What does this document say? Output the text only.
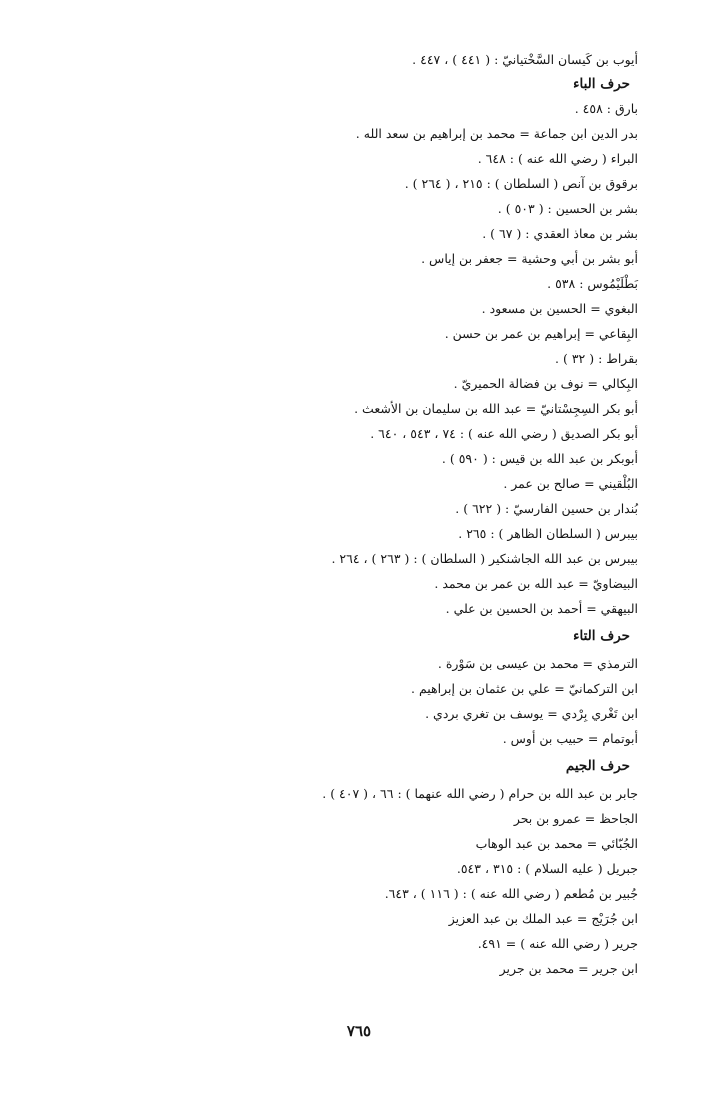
أيوب بن كَيسان السَّخْتيانيّ : ( ٤٤١ ) ، ٤٤٧ .
حرف الباء
بارق : ٤٥٨ .
بدر الدين ابن جماعة = محمد بن إبراهيم بن سعد الله .
البراء ( رضي الله عنه ) : ٦٤٨ .
برقوق بن آنص ( السلطان ) : ٢١٥ ، ( ٢٦٤ ) .
بشر بن الحسين : ( ٥٠٣ ) .
بشر بن معاذ العقدي : ( ٦٧ ) .
أبو بشر بن أبي وحشية = جعفر بن إياس .
بَطْلَيْمُوس : ٥٣٨ .
البغوي = الحسين بن مسعود .
البِقاعي = إبراهيم بن عمر بن حسن .
بقراط : ( ٣٢ ) .
البِكالي = نوف بن فضالة الحميريّ .
أبو بكر السِجِسْتانيّ = عبد الله بن سليمان بن الأشعث .
أبو بكر الصديق ( رضي الله عنه ) : ٧٤ ، ٥٤٣ ، ٦٤٠ .
أبوبكر بن عبد الله بن قيس : ( ٥٩٠ ) .
البُلْقيني = صالح بن عمر .
بُندار بن حسين الفارسيّ : ( ٦٢٢ ) .
بيبرس ( السلطان الظاهر ) : ٢٦٥ .
بيبرس بن عبد الله الجاشنكير ( السلطان ) : ( ٢٦٣ ) ، ٢٦٤ .
البيضاويّ = عبد الله بن عمر بن محمد .
البيهقي = أحمد بن الحسين بن علي .
حرف التاء
الترمذي = محمد بن عيسى بن سَوْرة .
ابن التركمانيّ = علي بن عثمان بن إبراهيم .
ابن تَغْري بِرْدي = يوسف بن تغري بردي .
أبوتمام = حبيب بن أوس .
حرف الجيم
جابر بن عبد الله بن حرام ( رضي الله عنهما ) : ٦٦ ، ( ٤٠٧ ) .
الجاحظ = عمرو بن بحر
الجُبّائي = محمد بن عبد الوهاب
جبريل ( عليه السلام ) : ٣١٥ ، ٥٤٣.
جُبير بن مُطعم ( رضي الله عنه ) : ( ١١٦ ) ، ٦٤٣.
ابن جُرَيْج = عبد الملك بن عبد العزيز
جرير ( رضي الله عنه ) = ٤٩١.
ابن جرير = محمد بن جرير
٧٦٥
